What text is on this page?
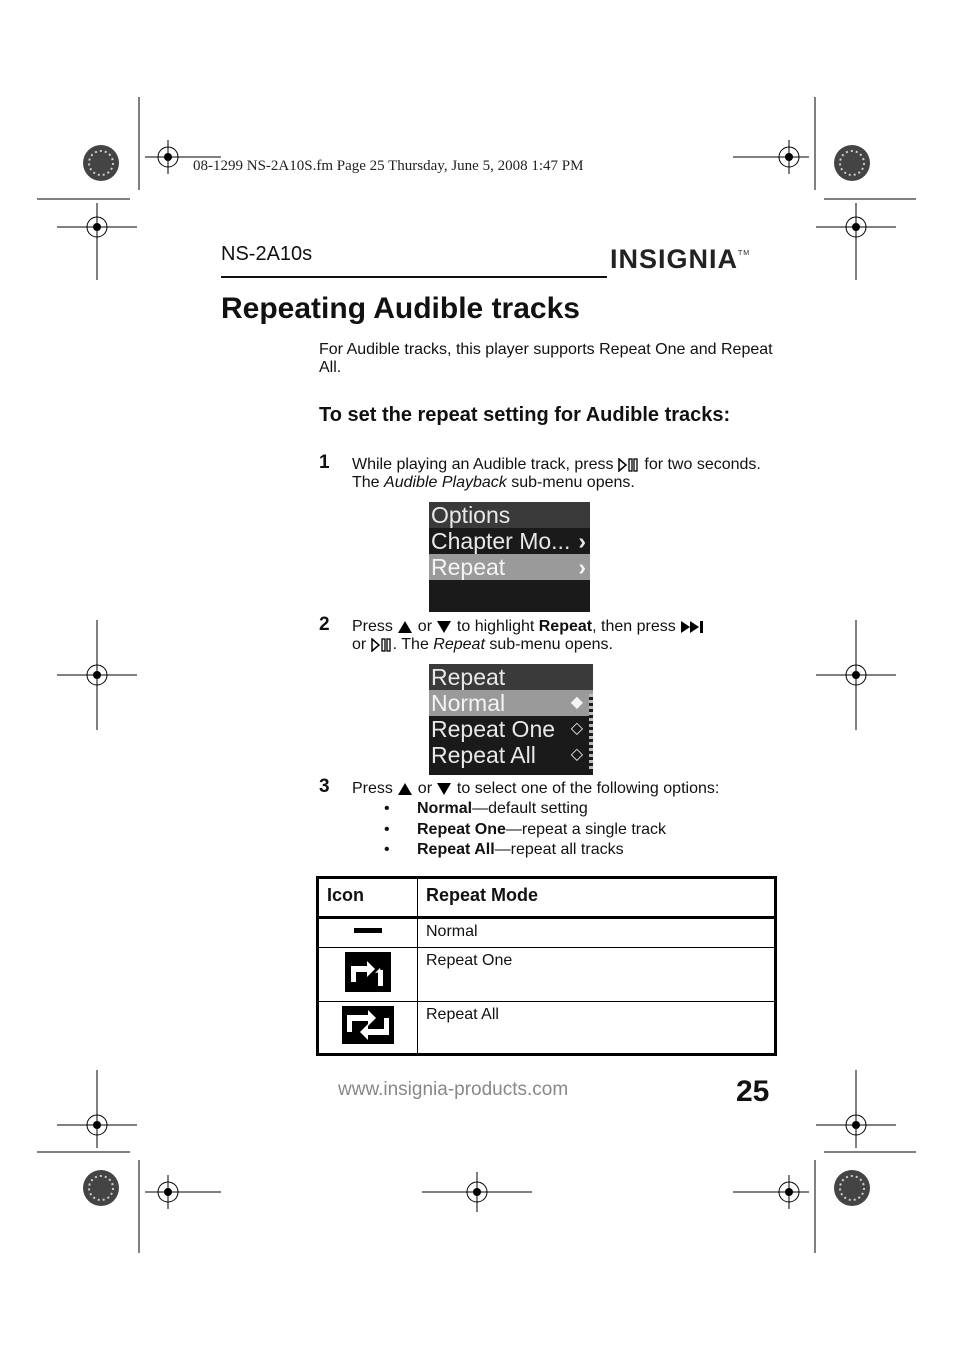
08-1299 NS-2A10S.fm Page 25 Thursday, June 5, 2008 1:47 PM
NS-2A10s	INSIGNIA™
Repeating Audible tracks
For Audible tracks, this player supports Repeat One and Repeat All.
To set the repeat setting for Audible tracks:
1 While playing an Audible track, press  for two seconds. The Audible Playback sub-menu opens.
Options
Chapter Mo... ›
Repeat	›
2 Press  or  to highlight Repeat, then press
or . The Repeat sub-menu opens.
Repeat
Normal	◆
Repeat One ◇
Repeat All ◇
3 Press  or  to select one of the following options:
• Normal—default setting
• Repeat One—repeat a single track
• Repeat All—repeat all tracks
Icon	Repeat Mode
	Normal
	Repeat One
	Repeat All
www.insignia-products.com	25
